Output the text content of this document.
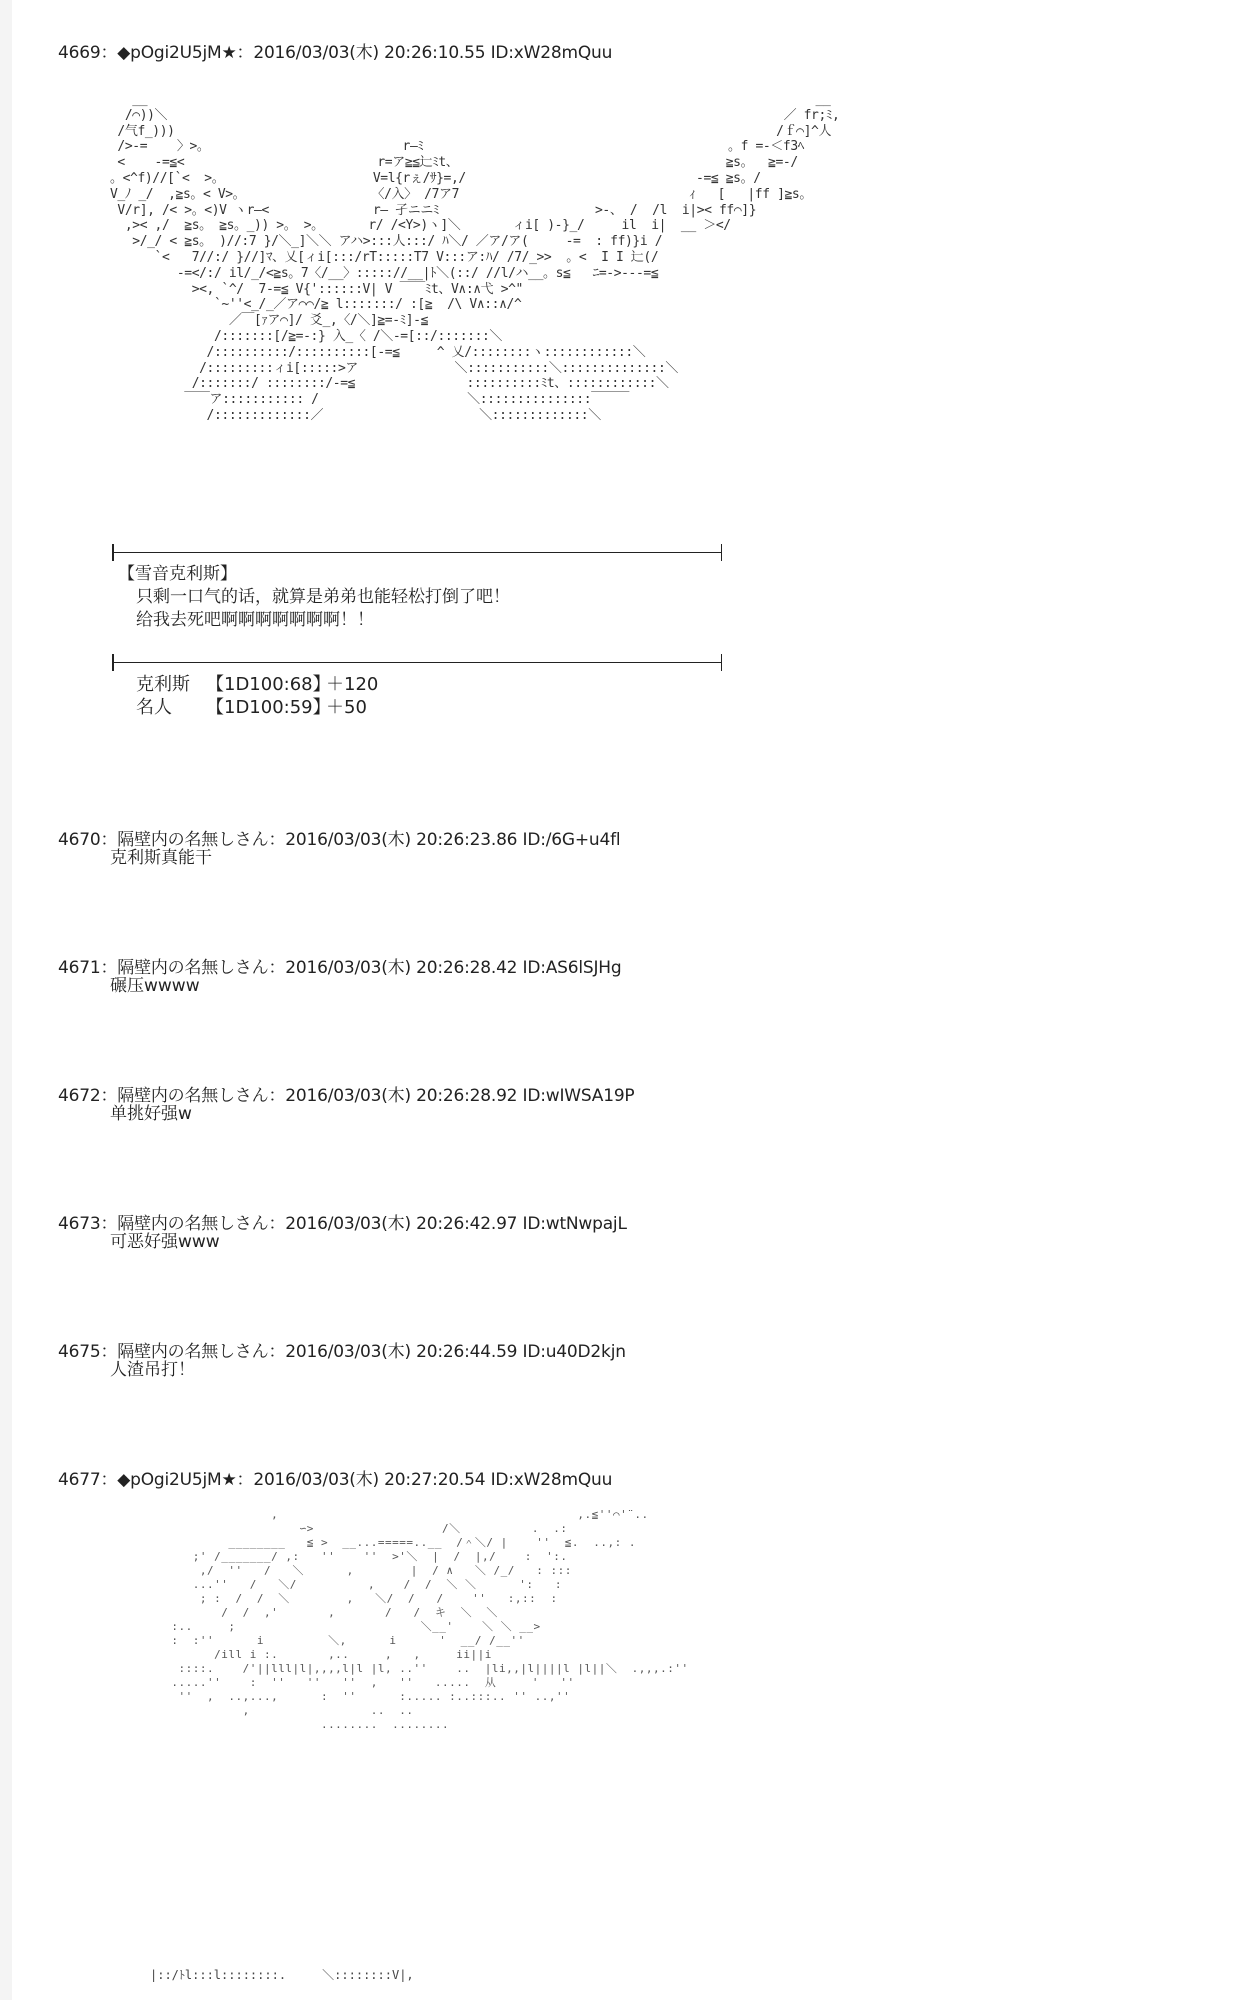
4669：◆pOgi2U5jM★：2016/03/03(木) 20:26:10.55 ID:xW28mQuu
__                                                                                          __
/⌒))＼                                                                                   ／ fr;ﾐ,
/气f_)))                                                                                 /ｆ⌒]^人
/>-=    〉>。                          r―ﾐ                                         。f =-＜f3ﾍ
<    -=≦<                          r=ア≧≦辷ﾐt、                                    ≧s。  ≧=-/
。<^f)//[`<  >。                    V=l{rぇ/ｻ}=,/                               -=≦ ≧s。/
V_ﾉ _/  ,≧s。< V>。                 〈/入〉 /7ア7                               ｨ   [   |ff ]≧s。
V/r], /< >。<)V ヽr―<              r― 孑ニニﾐ                     >-、 /  /l  i|>< ff⌒]}
,>< ,/  ≧s。 ≧s。_)) >。 >。      r/ /<Y>)ヽ]＼       ィi[ )-}_/     il  i|  __ ＞</
>/_/ < ≧s。 )//:7 }/＼_]＼＼ アハ>:::人:::/ ﾊ＼/ ／ア/ア(     -=  : ff)}i /
`<   7//:/ }//]ﾏ、乂[ィi[:::/rT:::::T7 V:::ア:ﾊ/ /7/_>>  。<  I I 辷(/
-=</:/ il/_/<≧s。7〈/__〉::::://__|ﾄ＼(::/ //l/ハ__。s≦   ﾆ=->---=≦
><, `^/  7-=≦ V{'::::::V| V ￣￣ﾐt、V∧:∧弋 >^"
`~''<_/_／ア⌒⌒/≧ l:::::::/ :[≧  /\ V∧::∧/^
／￣[ｧア⌒]/ 爻_,〈/＼]≧=-ﾐ]-≦
/:::::::[/≧=-:} 入_〈 /＼-=[::/:::::::＼
/::::::::::/::::::::::[-=≦     ^ 乂/::::::::ヽ::::::::::::＼
/:::::::::ィi[:::::>ア             ＼:::::::::::＼::::::::::::::＼
/:::::::/ ::::::::/-=≦               ::::::::::ﾐt、::::::::::::＼
￣￣ア::::::::::: /                    ＼:::::::::::::::￣￣￣
/:::::::::::::／                     ＼:::::::::::::＼
【雪音克利斯】
只剩一口气的话，就算是弟弟也能轻松打倒了吧！
给我去死吧啊啊啊啊啊啊啊！！
克利斯 【1D100:68】＋120
名人 【1D100:59】＋50
4670：隔壁内の名無しさん：2016/03/03(木) 20:26:23.86 ID:/6G+u4fl
克利斯真能干
4671：隔壁内の名無しさん：2016/03/03(木) 20:26:28.42 ID:AS6lSJHg
碾压wwww
4672：隔壁内の名無しさん：2016/03/03(木) 20:26:28.92 ID:wIWSA19P
单挑好强w
4673：隔壁内の名無しさん：2016/03/03(木) 20:26:42.97 ID:wtNwpajL
可恶好强www
4675：隔壁内の名無しさん：2016/03/03(木) 20:26:44.59 ID:u40D2kjn
人渣吊打！
4677：◆pOgi2U5jM★：2016/03/03(木) 20:27:20.54 ID:xW28mQuu
,                                          ,.≦''⌒'¨..
∽>                  /＼          .  .:
________   ≦ >  __...=====..__  /＾＼/ |    ''  ≦.  ..,: .
;' /_______/ ,:   ''    ''  >'＼  |  /  |,/    :  ':.
,/  ''   /   ＼      ,        |  / ∧   ＼ /_/   : :::
...''   /   ＼/          ,    /  /  ＼ ＼      ':   :
; :  /  /  ＼        ,   ＼/  /   /    ''   :,::  :
/  /  ,'       ,       /   /  キ  ＼  ＼
:..     ;                          ＼__'    ＼ ＼ __>
:  :''      i         ＼,      i      '  __/ /__''
/ill i :.       ,..     ,   ,     ii||i
::::.    /'||lll|l|,,,,l|l |l, ..''    ..  |li,,|l||||l |l||＼  .,,,.:''
.....''    :  ''   ''   ''  ,   ''   .....  从     '   ''
''  ,  ..,...,      :  ''      :..... :..:::.. '' ..,''
,                 ..  ..
........  ........
|::/ﾄl:::l::::::::.     ＼::::::::V|,
